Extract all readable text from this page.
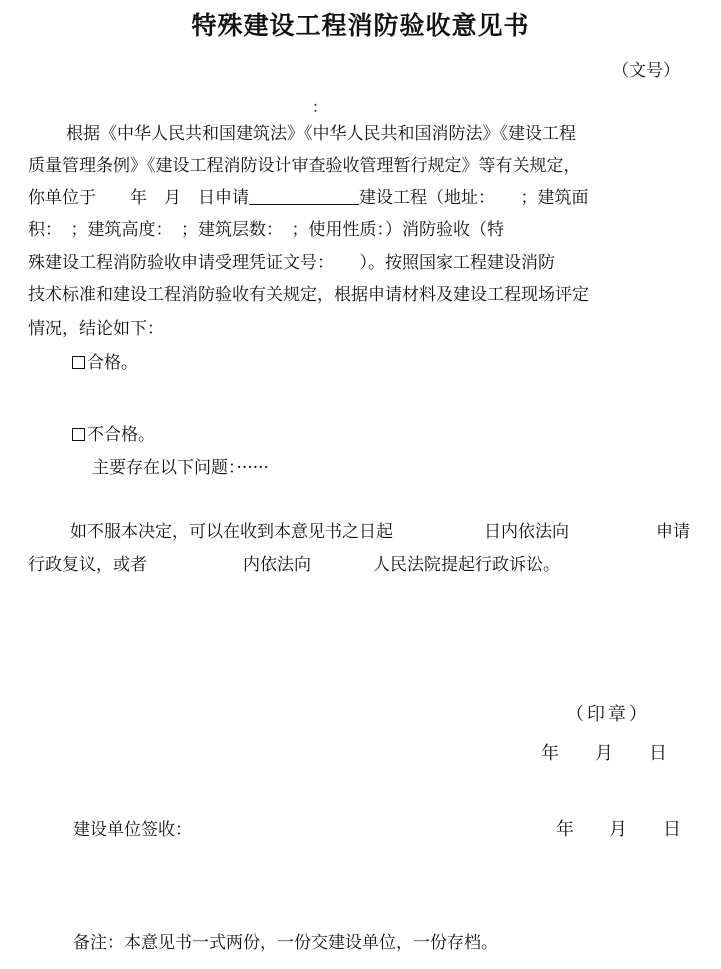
特殊建设工程消防验收意见书
（文号）
：
根据《中华人民共和国建筑法》《中华人民共和国消防法》《建设工程
质量管理条例》《建设工程消防设计审查验收管理暂行规定》等有关规定，
你单位于　　年　月　日申请	建设工程（地址：　　；建筑面
积：　；建筑高度：　；建筑层数：　；使用性质：）消防验收（特
殊建设工程消防验收申请受理凭证文号：　　）。按照国家工程建设消防
技术标准和建设工程消防验收有关规定，根据申请材料及建设工程现场评定
情况，结论如下：
合格。
不合格。
主要存在以下问题：······
如不服本决定，可以在收到本意见书之日起	日内依法向	申请
行政复议，或者	内依法向	人民法院提起行政诉讼。
（印章）
年 月 日
建设单位签收：	年 月 日
备注：本意见书一式两份，一份交建设单位，一份存档。
